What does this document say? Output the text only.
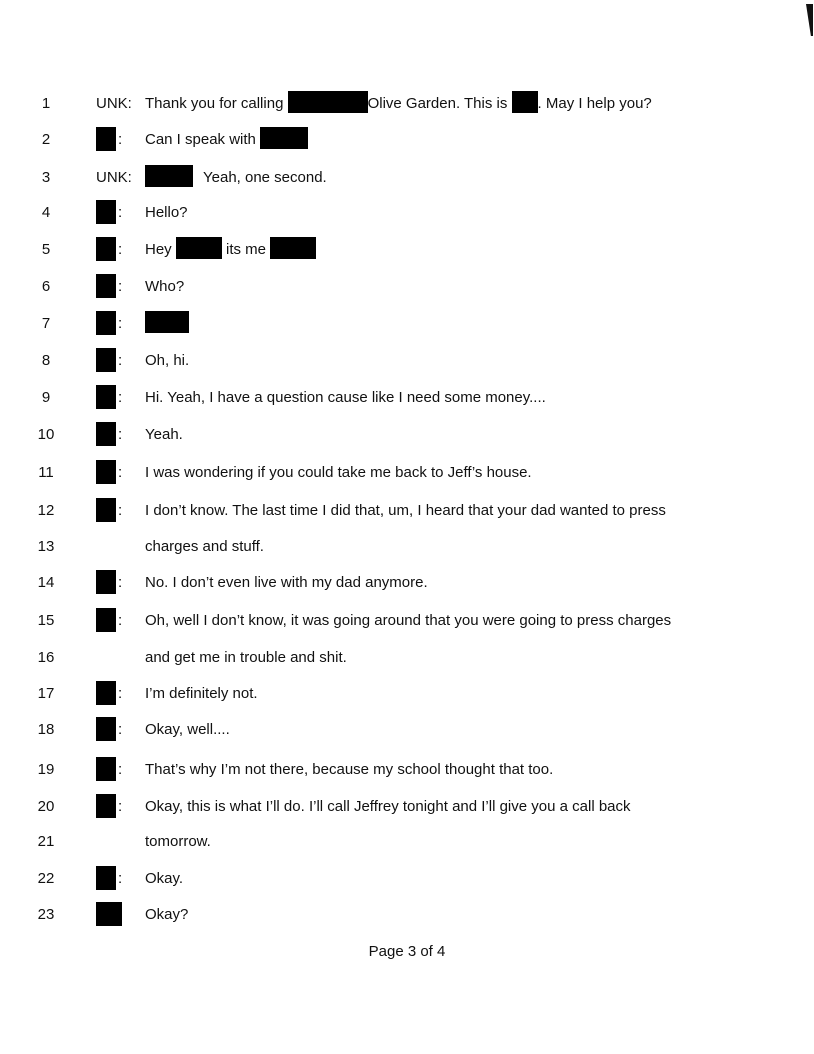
1	UNK: Thank you for calling	Olive Garden. This is . May I help you?
2	: Can I speak with
3	UNK:	Yeah, one second.
4	: Hello?
5	: Hey	its me
6	: Who?
7	:
8	: Oh, hi.
9	: Hi. Yeah, I have a question cause like I need some money....
10	: Yeah.
11	: I was wondering if you could take me back to Jeff’s house.
12	: I don’t know. The last time I did that, um, I heard that your dad wanted to press
13	charges and stuff.
14	: No. I don’t even live with my dad anymore.
15	: Oh, well I don’t know, it was going around that you were going to press charges
16	and get me in trouble and shit.
17	: I’m definitely not.
18	: Okay, well....
19	: That’s why I’m not there, because my school thought that too.
20	: Okay, this is what I’ll do. I’ll call Jeffrey tonight and I’ll give you a call back
21	tomorrow.
22	: Okay.
23	Okay?
Page 3 of 4
